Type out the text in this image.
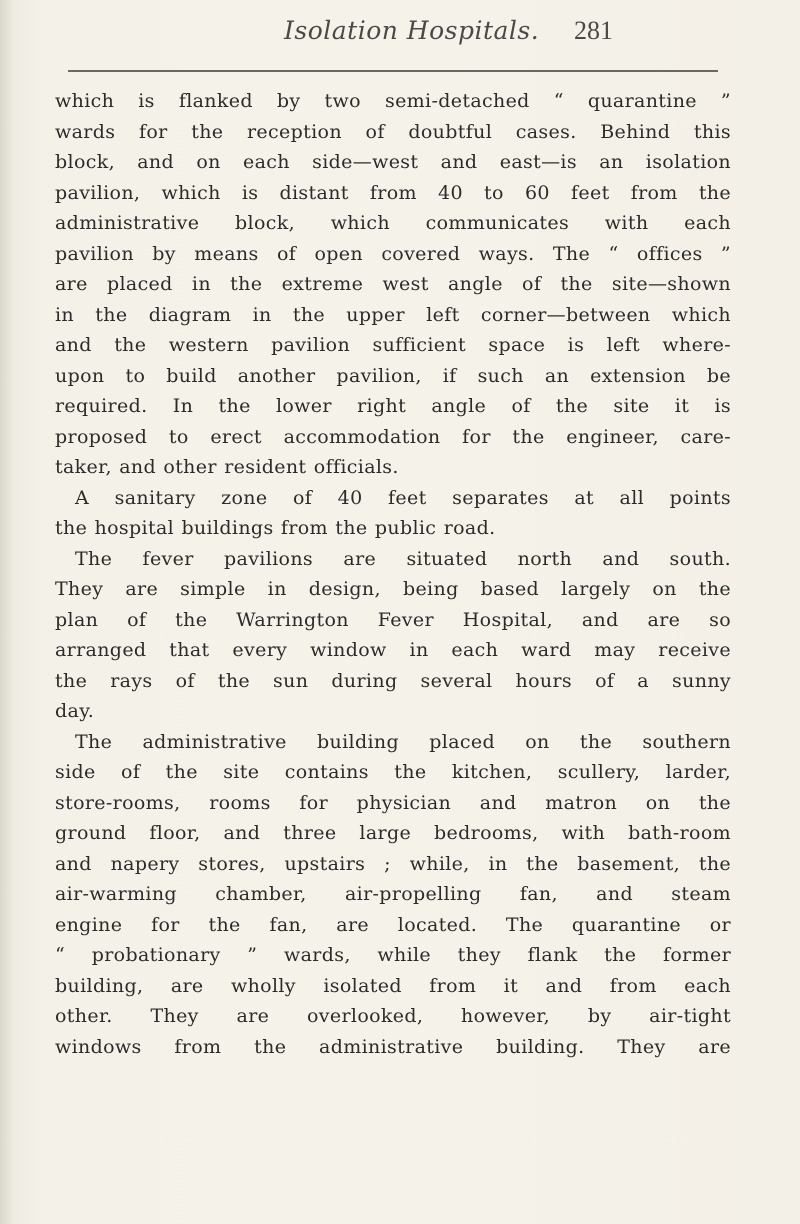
Isolation Hospitals. 281
which is flanked by two semi-detached “ quarantine ”
wards for the reception of doubtful cases. Behind this
block, and on each side—west and east—is an isolation
pavilion, which is distant from 40 to 60 feet from the
administrative block, which communicates with each
pavilion by means of open covered ways. The “ offices ”
are placed in the extreme west angle of the site—shown
in the diagram in the upper left corner—between which
and the western pavilion sufficient space is left where-
upon to build another pavilion, if such an extension be
required. In the lower right angle of the site it is
proposed to erect accommodation for the engineer, care-
taker, and other resident officials.
A sanitary zone of 40 feet separates at all points
the hospital buildings from the public road.
The fever pavilions are situated north and south.
They are simple in design, being based largely on the
plan of the Warrington Fever Hospital, and are so
arranged that every window in each ward may receive
the rays of the sun during several hours of a sunny
day.
The administrative building placed on the southern
side of the site contains the kitchen, scullery, larder,
store-rooms, rooms for physician and matron on the
ground floor, and three large bedrooms, with bath-room
and napery stores, upstairs ; while, in the basement, the
air-warming chamber, air-propelling fan, and steam
engine for the fan, are located. The quarantine or
“ probationary ” wards, while they flank the former
building, are wholly isolated from it and from each
other. They are overlooked, however, by air-tight
windows from the administrative building. They are
